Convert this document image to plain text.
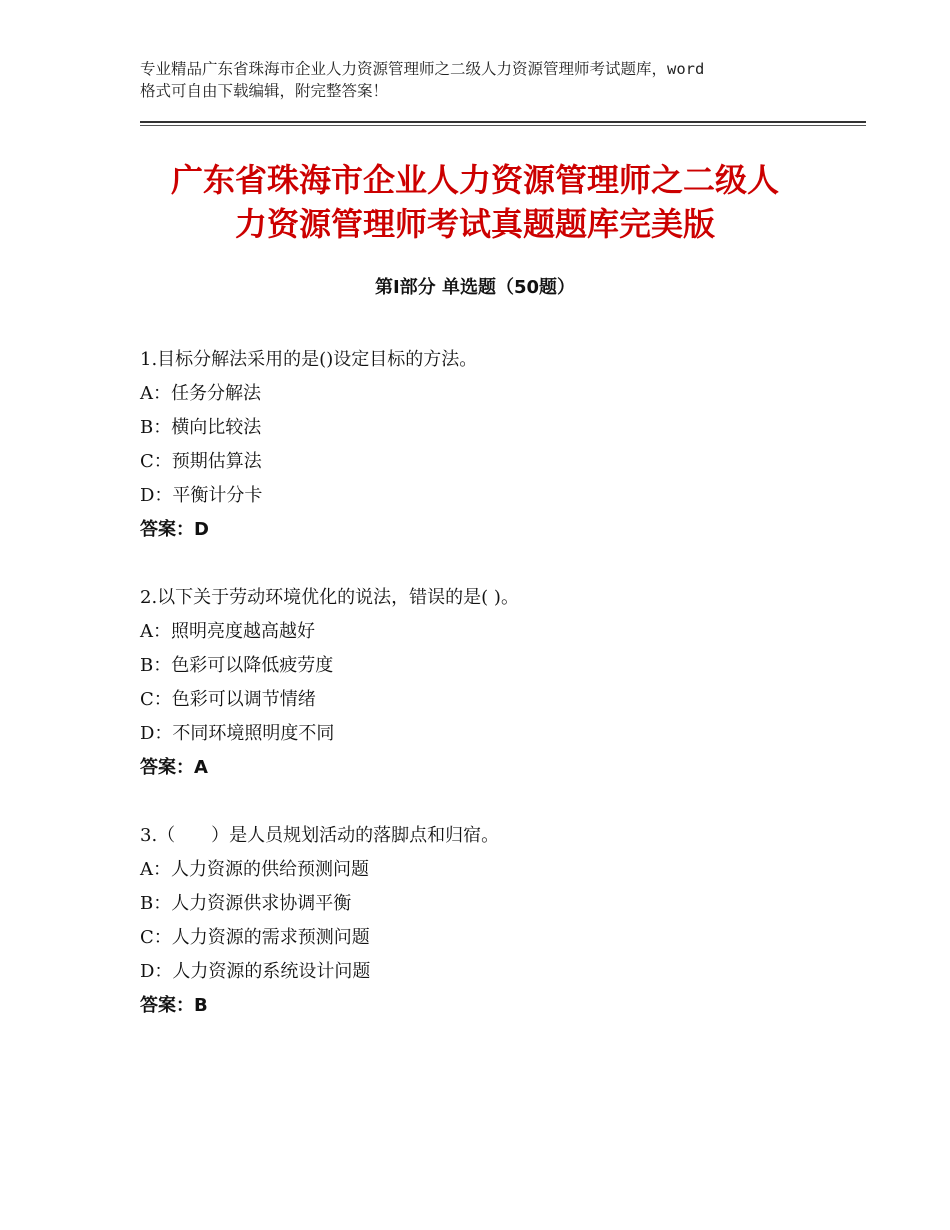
专业精品广东省珠海市企业人力资源管理师之二级人力资源管理师考试题库，word
格式可自由下载编辑，附完整答案！
广东省珠海市企业人力资源管理师之二级人
力资源管理师考试真题题库完美版
第Ⅰ部分 单选题（50题）
1.目标分解法采用的是()设定目标的方法。
A：任务分解法
B：横向比较法
C：预期估算法
D：平衡计分卡
答案：D
2.以下关于劳动环境优化的说法，错误的是( )。
A：照明亮度越高越好
B：色彩可以降低疲劳度
C：色彩可以调节情绪
D：不同环境照明度不同
答案：A
3.（　　）是人员规划活动的落脚点和归宿。
A：人力资源的供给预测问题
B：人力资源供求协调平衡
C：人力资源的需求预测问题
D：人力资源的系统设计问题
答案：B
